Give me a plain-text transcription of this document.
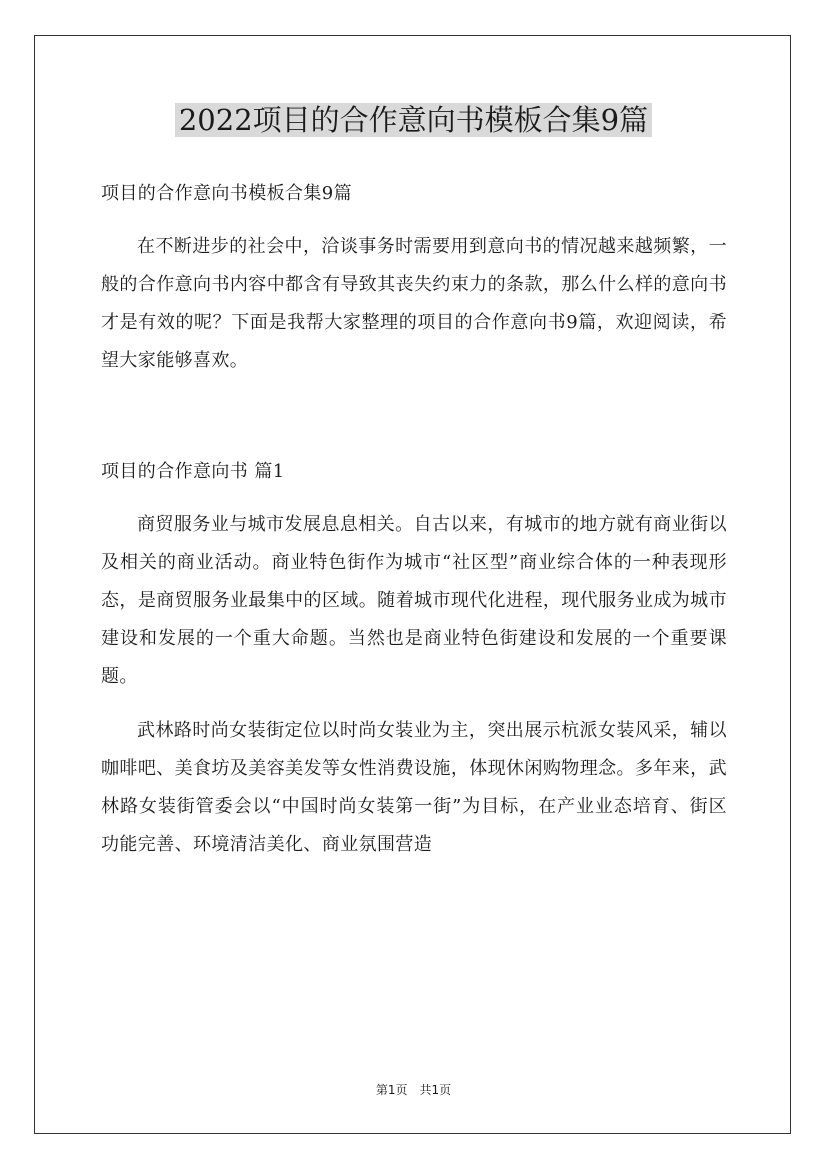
2022项目的合作意向书模板合集9篇

项目的合作意向书模板合集9篇

在不断进步的社会中，洽谈事务时需要用到意向书的情况越来越频繁，一般的合作意向书内容中都含有导致其丧失约束力的条款，那么什么样的意向书才是有效的呢？下面是我帮大家整理的项目的合作意向书9篇，欢迎阅读，希望大家能够喜欢。

项目的合作意向书 篇1

商贸服务业与城市发展息息相关。自古以来，有城市的地方就有商业街以及相关的商业活动。商业特色街作为城市“社区型”商业综合体的一种表现形态，是商贸服务业最集中的区域。随着城市现代化进程，现代服务业成为城市建设和发展的一个重大命题。当然也是商业特色街建设和发展的一个重要课题。

武林路时尚女装街定位以时尚女装业为主，突出展示杭派女装风采，辅以咖啡吧、美食坊及美容美发等女性消费设施，体现休闲购物理念。多年来，武林路女装街管委会以“中国时尚女装第一街”为目标，在产业业态培育、街区功能完善、环境清洁美化、商业氛围营造

第1页　共1页
